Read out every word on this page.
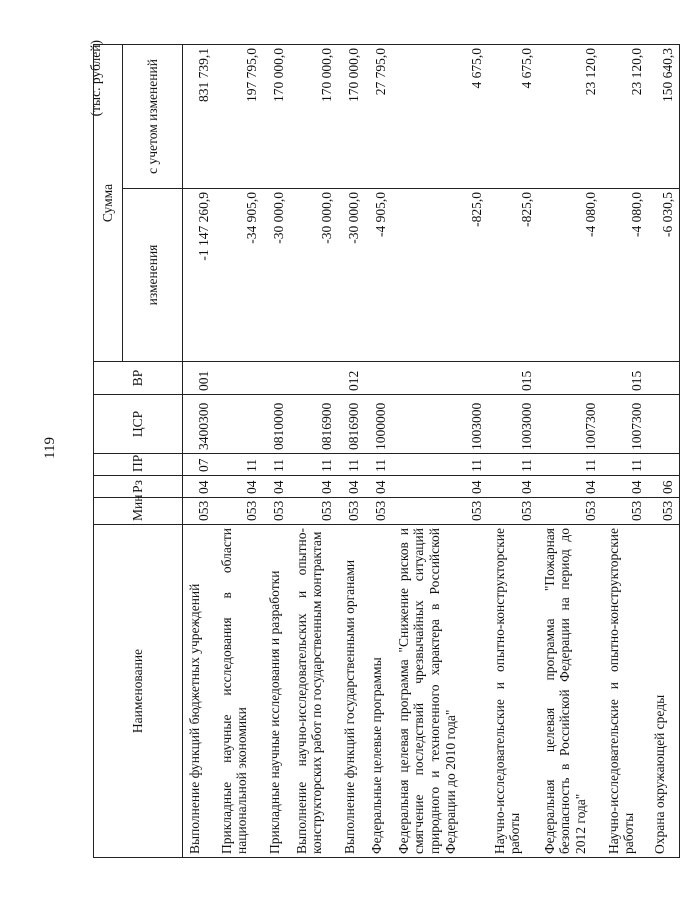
119
(тыс. рублей)
Наименование	Мин	Рз	ПР	ЦСР	ВР	Сумма	
						изменения	с учетом изменений
Выполнение функций бюджетных учреждений	053	04	07	3400300	001	-1 147 260,9	831 739,1
Прикладные научные исследования в области национальной экономики	053	04	11			-34 905,0	197 795,0
Прикладные научные исследования и разработки	053	04	11	0810000		-30 000,0	170 000,0
Выполнение научно-исследовательских и опытно-конструкторских работ по государственным контрактам	053	04	11	0816900		-30 000,0	170 000,0
Выполнение функций государственными органами	053	04	11	0816900	012	-30 000,0	170 000,0
Федеральные целевые программы	053	04	11	1000000		-4 905,0	27 795,0
Федеральная целевая программа "Снижение рисков и смягчение последствий чрезвычайных ситуаций природного и техногенного характера в Российской Федерации до 2010 года"	053	04	11	1003000		-825,0	4 675,0
Научно-исследовательские и опытно-конструкторские работы	053	04	11	1003000	015	-825,0	4 675,0
Федеральная целевая программа "Пожарная безопасность в Российской Федерации на период до 2012 года"	053	04	11	1007300		-4 080,0	23 120,0
Научно-исследовательские и опытно-конструкторские работы	053	04	11	1007300	015	-4 080,0	23 120,0
Охрана окружающей среды	053	06				-6 030,5	150 640,3
